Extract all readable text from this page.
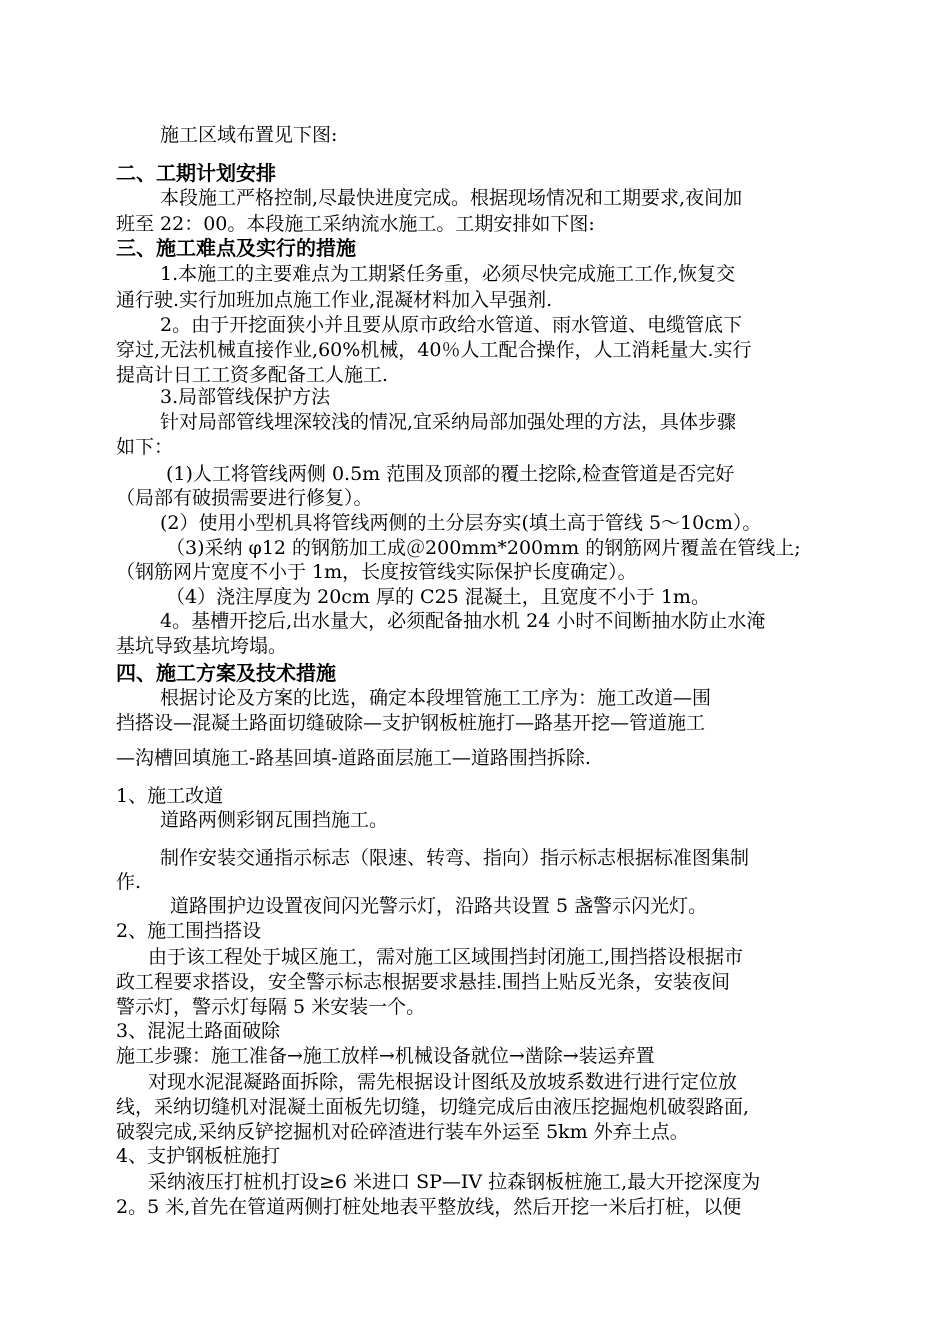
施工区域布置见下图:
二、工期计划安排
本段施工严格控制,尽最快进度完成。根据现场情况和工期要求,夜间加
班至 22：00。本段施工采纳流水施工。工期安排如下图:
三、施工难点及实行的措施
1.本施工的主要难点为工期紧任务重，必须尽快完成施工工作,恢复交
通行驶.实行加班加点施工作业,混凝材料加入早强剂.
2。由于开挖面狭小并且要从原市政给水管道、雨水管道、电缆管底下
穿过,无法机械直接作业,60%机械，40％人工配合操作，人工消耗量大.实行
提高计日工工资多配备工人施工.
3.局部管线保护方法
针对局部管线埋深较浅的情况,宜采纳局部加强处理的方法，具体步骤
如下：
(1)人工将管线两侧 0.5m 范围及顶部的覆土挖除,检查管道是否完好
（局部有破损需要进行修复）。
(2）使用小型机具将管线两侧的土分层夯实(填土高于管线 5～10cm）。
（3)采纳 φ12 的钢筋加工成＠200mm*200mm 的钢筋网片覆盖在管线上;
（钢筋网片宽度不小于 1m，长度按管线实际保护长度确定）。
（4）浇注厚度为 20cm 厚的 C25 混凝土，且宽度不小于 1m。
4。基槽开挖后,出水量大，必须配备抽水机 24 小时不间断抽水防止水淹
基坑导致基坑垮塌。
四、施工方案及技术措施
根据讨论及方案的比选，确定本段埋管施工工序为：施工改道—围
挡搭设—混凝土路面切缝破除—支护钢板桩施打—路基开挖—管道施工
—沟槽回填施工-路基回填-道路面层施工—道路围挡拆除.
1、施工改道
道路两侧彩钢瓦围挡施工。
制作安装交通指示标志（限速、转弯、指向）指示标志根据标准图集制
作.
道路围护边设置夜间闪光警示灯，沿路共设置 5 盏警示闪光灯。
2、施工围挡搭设
由于该工程处于城区施工，需对施工区域围挡封闭施工,围挡搭设根据市
政工程要求搭设，安全警示标志根据要求悬挂.围挡上贴反光条，安装夜间
警示灯，警示灯每隔 5 米安装一个。
3、混泥土路面破除
施工步骤：施工准备→施工放样→机械设备就位→凿除→装运弃置
对现水泥混凝路面拆除，需先根据设计图纸及放坡系数进行进行定位放
线，采纳切缝机对混凝土面板先切缝，切缝完成后由液压挖掘炮机破裂路面,
破裂完成,采纳反铲挖掘机对砼碎渣进行装车外运至 5km 外弃土点。
4、支护钢板桩施打
采纳液压打桩机打设≥6 米进口 SP—IV 拉森钢板桩施工,最大开挖深度为
2。5 米,首先在管道两侧打桩处地表平整放线，然后开挖一米后打桩，以便
